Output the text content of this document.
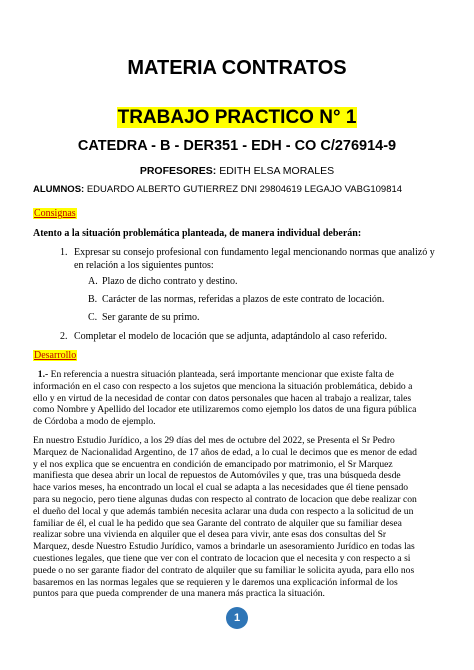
MATERIA CONTRATOS
TRABAJO PRACTICO N° 1
CATEDRA - B - DER351 - EDH - CO C/276914-9
PROFESORES: EDITH ELSA MORALES
ALUMNOS: EDUARDO ALBERTO GUTIERREZ DNI 29804619 LEGAJO VABG109814
Consignas
Atento a la situación problemática planteada, de manera individual deberán:
1. Expresar su consejo profesional con fundamento legal mencionando normas que analizó y
en relación a los siguientes puntos:
A. Plazo de dicho contrato y destino.
B. Carácter de las normas, referidas a plazos de este contrato de locación.
C. Ser garante de su primo.
2. Completar el modelo de locación que se adjunta, adaptándolo al caso referido.
Desarrollo
1.- En referencia a nuestra situación planteada, será importante mencionar que existe falta de
información en el caso con respecto a los sujetos que menciona la situación problemática, debido a
ello y en virtud de la necesidad de contar con datos personales que hacen al trabajo a realizar, tales
como Nombre y Apellido del locador ete utilizaremos como ejemplo los datos de una figura pública
de Córdoba a modo de ejemplo.
En nuestro Estudio Jurídico, a los 29 días del mes de octubre del 2022, se Presenta el Sr Pedro
Marquez de Nacionalidad Argentino, de 17 años de edad, a lo cual le decimos que es menor de edad
y el nos explica que se encuentra en condición de emancipado por matrimonio, el Sr Marquez
manifiesta que desea abrir un local de repuestos de Automóviles y que, tras una búsqueda desde
hace varios meses, ha encontrado un local el cual se adapta a las necesidades que él tiene pensado
para su negocio, pero tiene algunas dudas con respecto al contrato de locacion que debe realizar con
el dueño del local y que además también necesita aclarar una duda con respecto a la solicitud de un
familiar de él, el cual le ha pedido que sea Garante del contrato de alquiler que su familiar desea
realizar sobre una vivienda en alquiler que el desea para vivir, ante esas dos consultas del Sr
Marquez, desde Nuestro Estudio Jurídico, vamos a brindarle un asesoramiento Jurídico en todas las
cuestiones legales, que tiene que ver con el contrato de locacion que el necesita y con respecto a si
puede o no ser garante fiador del contrato de alquiler que su familiar le solicita ayuda, para ello nos
basaremos en las normas legales que se requieren y le daremos una explicación informal de los
puntos para que pueda comprender de una manera más practica la situación.
1
